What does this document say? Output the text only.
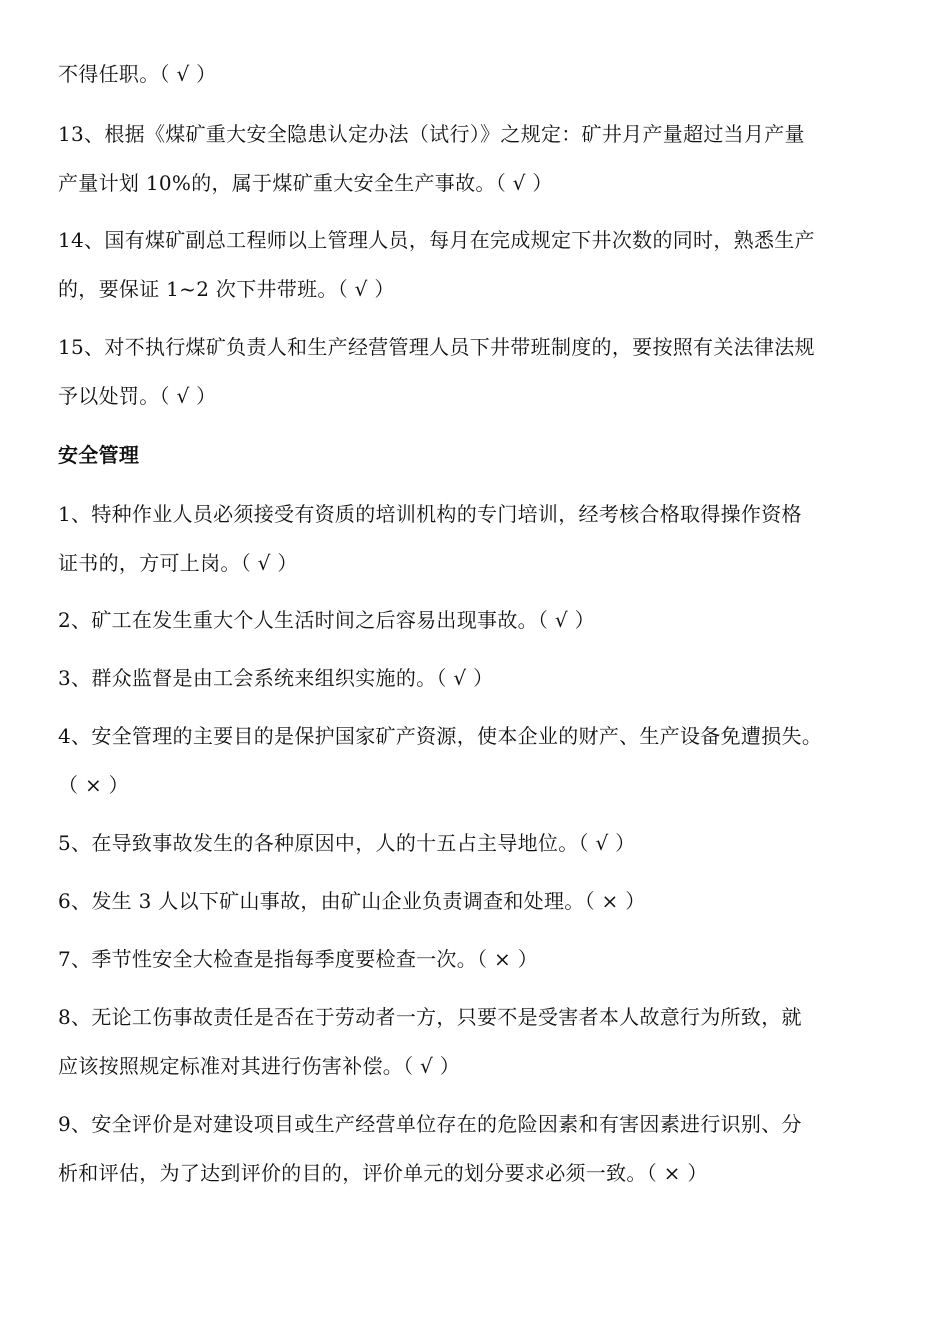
不得任职。（ √ ）
13、根据《煤矿重大安全隐患认定办法（试行）》之规定：矿井月产量超过当月产量
产量计划 10%的，属于煤矿重大安全生产事故。（ √ ）
14、国有煤矿副总工程师以上管理人员，每月在完成规定下井次数的同时，熟悉生产
的，要保证 1~2 次下井带班。（ √ ）
15、对不执行煤矿负责人和生产经营管理人员下井带班制度的，要按照有关法律法规
予以处罚。（ √ ）
安全管理
1、特种作业人员必须接受有资质的培训机构的专门培训，经考核合格取得操作资格
证书的，方可上岗。（ √ ）
2、矿工在发生重大个人生活时间之后容易出现事故。（ √ ）
3、群众监督是由工会系统来组织实施的。（ √ ）
4、安全管理的主要目的是保护国家矿产资源，使本企业的财产、生产设备免遭损失。
（ × ）
5、在导致事故发生的各种原因中，人的十五占主导地位。（ √ ）
6、发生 3 人以下矿山事故，由矿山企业负责调查和处理。（ × ）
7、季节性安全大检查是指每季度要检查一次。（ × ）
8、无论工伤事故责任是否在于劳动者一方，只要不是受害者本人故意行为所致，就
应该按照规定标准对其进行伤害补偿。（ √ ）
9、安全评价是对建设项目或生产经营单位存在的危险因素和有害因素进行识别、分
析和评估，为了达到评价的目的，评价单元的划分要求必须一致。（ × ）
